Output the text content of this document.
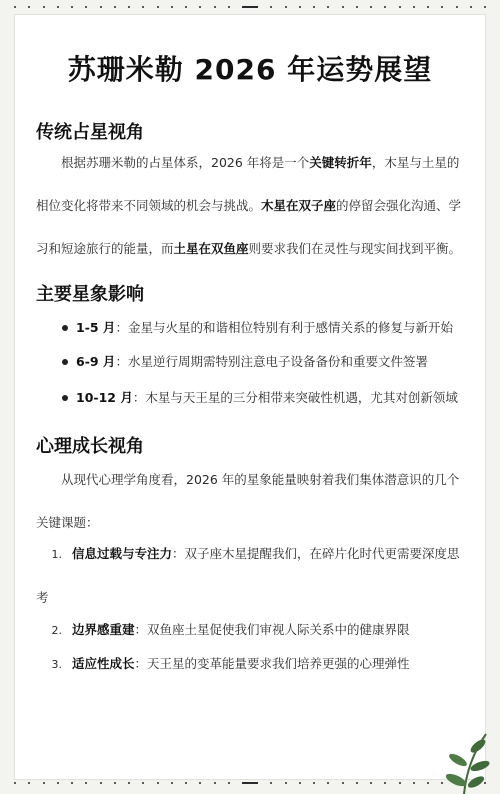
苏珊米勒 2026 年运势展望
传统占星视角

根据苏珊米勒的占星体系，2026 年将是一个关键转折年，木星与土星的相位变化将带来不同领域的机会与挑战。木星在双子座的停留会强化沟通、学习和短途旅行的能量，而土星在双鱼座则要求我们在灵性与现实间找到平衡。

主要星象影响
1-5 月：金星与火星的和谐相位特别有利于感情关系的修复与新开始
6-9 月：水星逆行周期需特别注意电子设备备份和重要文件签署
10-12 月：木星与天王星的三分相带来突破性机遇，尤其对创新领域
心理成长视角

从现代心理学角度看，2026 年的星象能量映射着我们集体潜意识的几个关键课题：

1. 信息过载与专注力：双子座木星提醒我们，在碎片化时代更需要深度思考

2. 边界感重建：双鱼座土星促使我们审视人际关系中的健康界限

3. 适应性成长：天王星的变革能量要求我们培养更强的心理弹性
